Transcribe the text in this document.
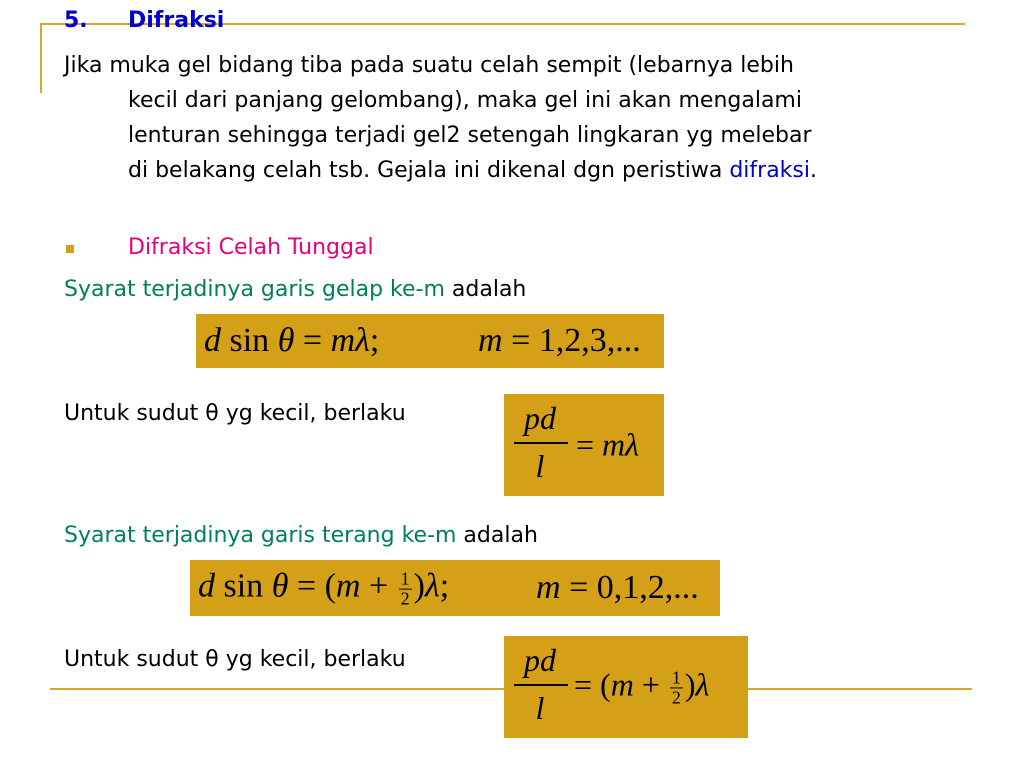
5. Difraksi
Jika muka gel bidang tiba pada suatu celah sempit (lebarnya lebih
kecil dari panjang gelombang), maka gel ini akan mengalami
lenturan sehingga terjadi gel2 setengah lingkaran yg melebar
di belakang celah tsb. Gejala ini dikenal dgn peristiwa difraksi.
Difraksi Celah Tunggal
Syarat terjadinya garis gelap ke-m adalah
d sin θ = mλ;	m = 1,2,3,...
Untuk sudut θ yg kecil, berlaku	pd
l
= mλ
Syarat terjadinya garis terang ke-m adalah
d $\sin \theta = (m + \frac{1}{2} )\lambda$;	m = 0,1,2,...
Untuk sudut θ yg kecil, berlaku	pd
l
= $(m + \frac{1}{2} )\lambda$
